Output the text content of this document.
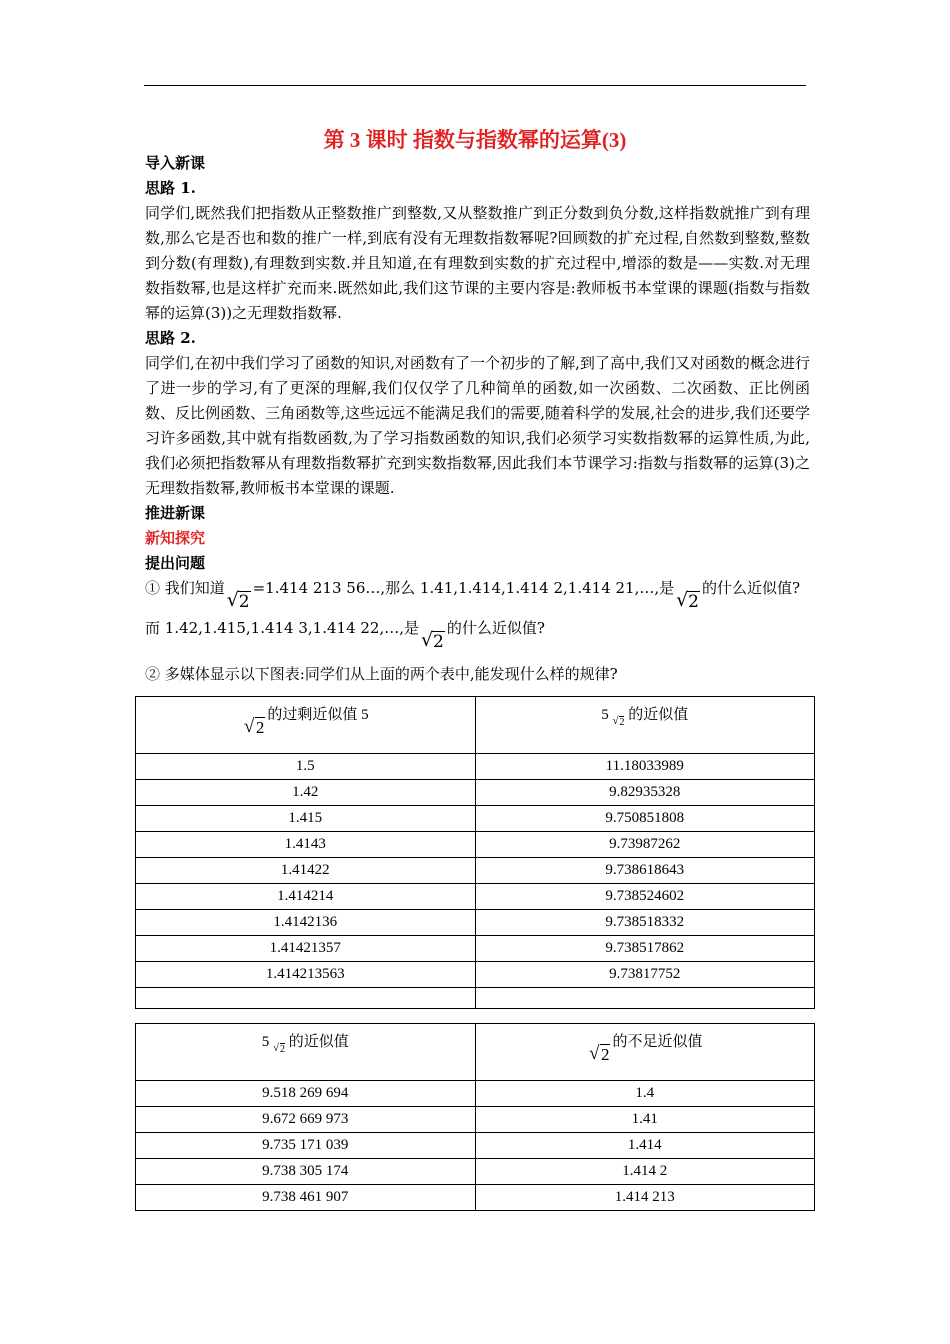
第 3 课时 指数与指数幂的运算(3)
导入新课
思路 1.
同学们,既然我们把指数从正整数推广到整数,又从整数推广到正分数到负分数,这样指数就推广到有理数,那么它是否也和数的推广一样,到底有没有无理数指数幂呢?回顾数的扩充过程,自然数到整数,整数到分数(有理数),有理数到实数.并且知道,在有理数到实数的扩充过程中,增添的数是——实数.对无理数指数幂,也是这样扩充而来.既然如此,我们这节课的主要内容是:教师板书本堂课的课题(指数与指数幂的运算(3))之无理数指数幂.
思路 2.
同学们,在初中我们学习了函数的知识,对函数有了一个初步的了解,到了高中,我们又对函数的概念进行了进一步的学习,有了更深的理解,我们仅仅学了几种简单的函数,如一次函数、二次函数、正比例函数、反比例函数、三角函数等,这些远远不能满足我们的需要,随着科学的发展,社会的进步,我们还要学习许多函数,其中就有指数函数,为了学习指数函数的知识,我们必须学习实数指数幂的运算性质,为此,我们必须把指数幂从有理数指数幂扩充到实数指数幂,因此我们本节课学习:指数与指数幂的运算(3)之无理数指数幂,教师板书本堂课的课题.
推进新课
新知探究
提出问题
① 我们知道√ 2=1.414 213 56…,那么 1.41,1.414,1.414 2,1.414 21,…,是√ 2的什么近似值?
而 1.42,1.415,1.414 3,1.414 22,…,是√ 2的什么近似值?
② 多媒体显示以下图表:同学们从上面的两个表中,能发现什么样的规律?
√ 2的过剩近似值 5	5 √ 2 的近似值
1.5	11.18033989
1.42	9.82935328
1.415	9.750851808
1.4143	9.73987262
1.41422	9.738618643
1.414214	9.738524602
1.4142136	9.738518332
1.41421357	9.738517862
1.414213563	9.73817752

5 √ 2 的近似值	√ 2的不足近似值
9.518 269 694	1.4
9.672 669 973	1.41
9.735 171 039	1.414
9.738 305 174	1.414 2
9.738 461 907	1.414 213
